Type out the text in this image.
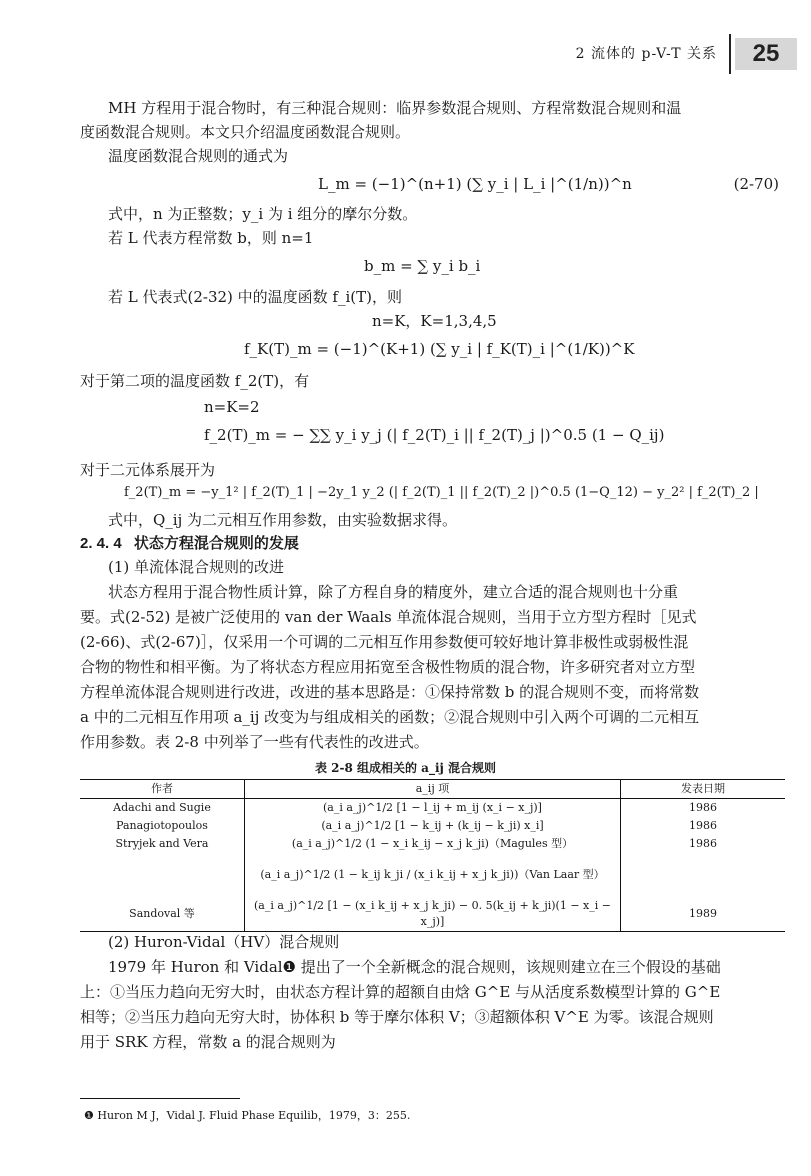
2 流体的 p-V-T 关系	25
MH 方程用于混合物时，有三种混合规则：临界参数混合规则、方程常数混合规则和温
度函数混合规则。本文只介绍温度函数混合规则。
温度函数混合规则的通式为
L_m = (−1)^(n+1) (∑ y_i | L_i |^(1/n))^n	(2-70)
式中，n 为正整数；y_i 为 i 组分的摩尔分数。
若 L 代表方程常数 b，则 n=1
b_m = ∑ y_i b_i
若 L 代表式(2-32) 中的温度函数 f_i(T)，则
n=K，K=1,3,4,5
f_K(T)_m = (−1)^(K+1) (∑ y_i | f_K(T)_i |^(1/K))^K
对于第二项的温度函数 f_2(T)，有
n=K=2
f_2(T)_m = − ∑∑ y_i y_j (| f_2(T)_i || f_2(T)_j |)^0.5 (1 − Q_ij)
对于二元体系展开为
f_2(T)_m = −y_1² | f_2(T)_1 | −2y_1 y_2 (| f_2(T)_1 || f_2(T)_2 |)^0.5 (1−Q_12) − y_2² | f_2(T)_2 |
式中，Q_ij 为二元相互作用参数，由实验数据求得。
2. 4. 4 状态方程混合规则的发展
(1) 单流体混合规则的改进
状态方程用于混合物性质计算，除了方程自身的精度外，建立合适的混合规则也十分重
要。式(2-52) 是被广泛使用的 van der Waals 单流体混合规则，当用于立方型方程时［见式
(2-66)、式(2-67)］，仅采用一个可调的二元相互作用参数便可较好地计算非极性或弱极性混
合物的物性和相平衡。为了将状态方程应用拓宽至含极性物质的混合物，许多研究者对立方型
方程单流体混合规则进行改进，改进的基本思路是：①保持常数 b 的混合规则不变，而将常数
a 中的二元相互作用项 a_ij 改变为与组成相关的函数；②混合规则中引入两个可调的二元相互
作用参数。表 2-8 中列举了一些有代表性的改进式。
表 2-8 组成相关的 a_ij 混合规则
作者	a_ij 项	发表日期
Adachi and Sugie	(a_i a_j)^1/2 [1 − l_ij + m_ij (x_i − x_j)]	1986
Panagiotopoulos	(a_i a_j)^1/2 [1 − k_ij + (k_ij − k_ji) x_i]	1986
Stryjek and Vera	(a_i a_j)^1/2 (1 − x_i k_ij − x_j k_ji)（Magules 型）	1986
	(a_i a_j)^1/2 (1 − k_ij k_ji / (x_i k_ij + x_j k_ji))（Van Laar 型）	
Sandoval 等	(a_i a_j)^1/2 [1 − (x_i k_ij + x_j k_ji) − 0. 5(k_ij + k_ji)(1 − x_i − x_j)]	1989
(2) Huron-Vidal（HV）混合规则
1979 年 Huron 和 Vidal❶ 提出了一个全新概念的混合规则，该规则建立在三个假设的基础
上：①当压力趋向无穷大时，由状态方程计算的超额自由焓 G^E 与从活度系数模型计算的 G^E
相等；②当压力趋向无穷大时，协体积 b 等于摩尔体积 V；③超额体积 V^E 为零。该混合规则
用于 SRK 方程，常数 a 的混合规则为
❶ Huron M J，Vidal J. Fluid Phase Equilib，1979，3：255.
